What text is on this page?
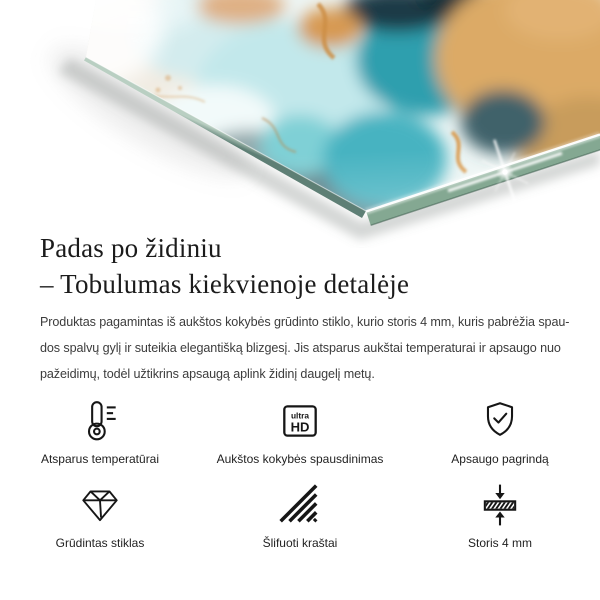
Padas po židiniu
– Tobulumas kiekvienoje detalėje

Produktas pagamintas iš aukštos kokybės grūdinto stiklo, kurio storis 4 mm, kuris pabrėžia spau-
dos spalvų gylį ir suteikia elegantišką blizgesį. Jis atsparus aukštai temperaturai ir apsaugo nuo
pažeidimų, todėl užtikrins apsaugą aplink židinį daugelį metų.

Atsparus temperatūrai
ultra
HD
Aukštos kokybės spausdinimas	Apsaugo pagrindą
Grūdintas stiklas	Šlifuoti kraštai	Storis 4 mm
